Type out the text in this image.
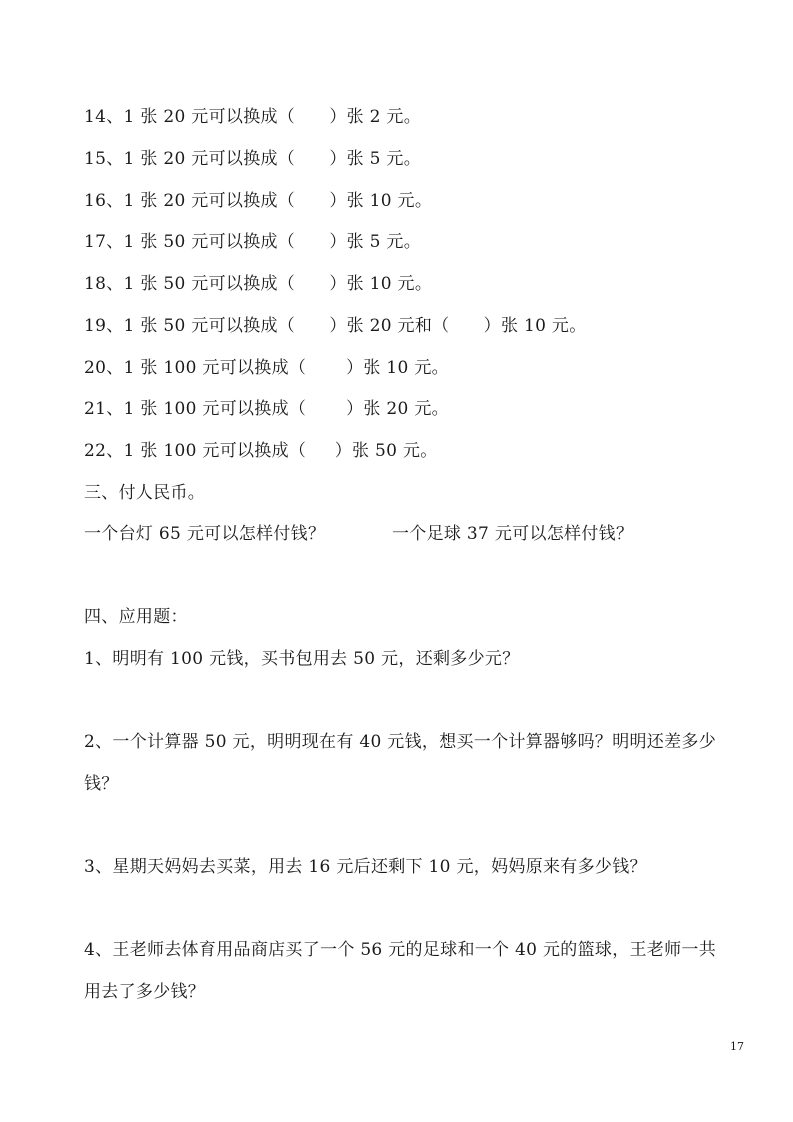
14、1 张 20 元可以换成（      ）张 2 元。
15、1 张 20 元可以换成（      ）张 5 元。
16、1 张 20 元可以换成（      ）张 10 元。
17、1 张 50 元可以换成（      ）张 5 元。
18、1 张 50 元可以换成（      ）张 10 元。
19、1 张 50 元可以换成（      ）张 20 元和（      ）张 10 元。
20、1 张 100 元可以换成（       ）张 10 元。
21、1 张 100 元可以换成（       ）张 20 元。
22、1 张 100 元可以换成（     ）张 50 元。
三、付人民币。
一个台灯 65 元可以怎样付钱？	一个足球 37 元可以怎样付钱？
四、应用题：
1、明明有 100 元钱，买书包用去 50 元，还剩多少元？
2、一个计算器 50 元，明明现在有 40 元钱，想买一个计算器够吗？明明还差多少
钱？
3、星期天妈妈去买菜，用去 16 元后还剩下 10 元，妈妈原来有多少钱？
4、王老师去体育用品商店买了一个 56 元的足球和一个 40 元的篮球，王老师一共
用去了多少钱？
17
